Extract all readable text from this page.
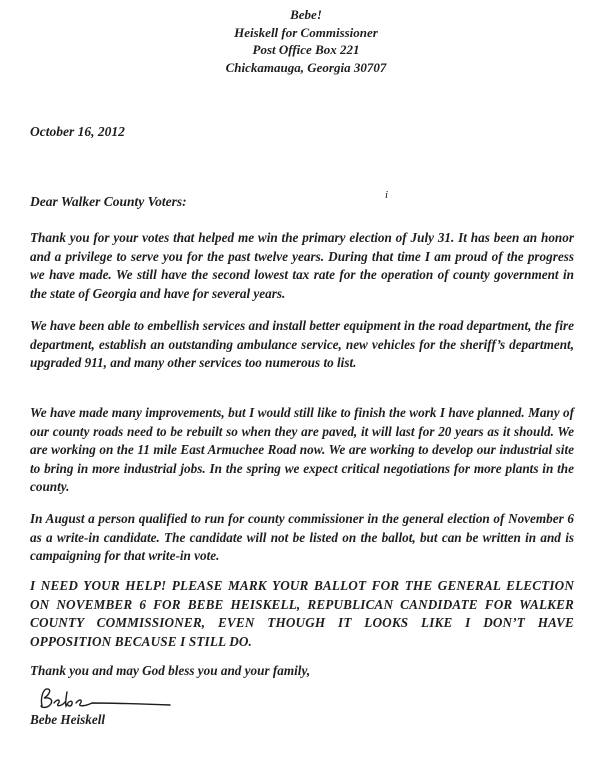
Bebe!
Heiskell for Commissioner
Post Office Box 221
Chickamauga, Georgia 30707
October 16, 2012
i
Dear Walker County Voters:

Thank you for your votes that helped me win the primary election of July 31. It has been an honor and a privilege to serve you for the past twelve years. During that time I am proud of the progress we have made. We still have the second lowest tax rate for the operation of county government in the state of Georgia and have for several years.

We have been able to embellish services and install better equipment in the road department, the fire department, establish an outstanding ambulance service, new vehicles for the sheriff’s department, upgraded 911, and many other services too numerous to list.

We have made many improvements, but I would still like to finish the work I have planned. Many of our county roads need to be rebuilt so when they are paved, it will last for 20 years as it should. We are working on the 11 mile East Armuchee Road now. We are working to develop our industrial site to bring in more industrial jobs. In the spring we expect critical negotiations for more plants in the county.

In August a person qualified to run for county commissioner in the general election of November 6 as a write-in candidate. The candidate will not be listed on the ballot, but can be written in and is campaigning for that write-in vote.

I NEED YOUR HELP! PLEASE MARK YOUR BALLOT FOR THE GENERAL ELECTION ON NOVEMBER 6 FOR BEBE HEISKELL, REPUBLICAN CANDIDATE FOR WALKER COUNTY COMMISSIONER, EVEN THOUGH IT LOOKS LIKE I DON’T HAVE OPPOSITION BECAUSE I STILL DO.

Thank you and may God bless you and your family,
Bebe Heiskell
